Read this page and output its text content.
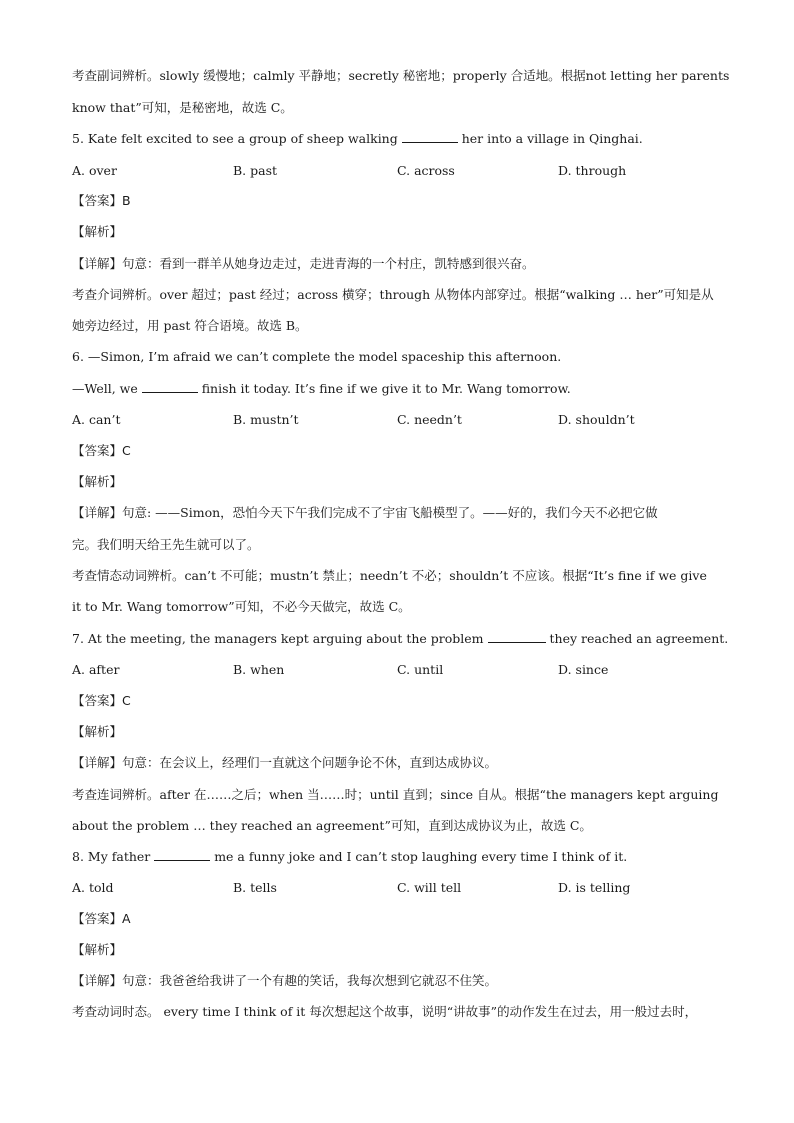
考查副词辨析。slowly 缓慢地；calmly 平静地；secretly 秘密地；properly 合适地。根据not letting her parents
know that”可知，是秘密地，故选 C。
5. Kate felt excited to see a group of sheep walking	her into a village in Qinghai.
A. over	B. past	C. across	D. through
【答案】B
【解析】
【详解】句意：看到一群羊从她身边走过，走进青海的一个村庄，凯特感到很兴奋。
考查介词辨析。over 超过；past 经过；across 横穿；through 从物体内部穿过。根据“walking … her”可知是从
她旁边经过，用 past 符合语境。故选 B。
6. —Simon, I’m afraid we can’t complete the model spaceship this afternoon.
—Well, we	finish it today. It’s fine if we give it to Mr. Wang tomorrow.
A. can’t	B. mustn’t	C. needn’t	D. shouldn’t
【答案】C
【解析】
【详解】句意: ——Simon，恐怕今天下午我们完成不了宇宙飞船模型了。——好的，我们今天不必把它做
完。我们明天给王先生就可以了。
考查情态动词辨析。can’t 不可能；mustn’t 禁止；needn’t 不必；shouldn’t 不应该。根据“It’s fine if we give
it to Mr. Wang tomorrow”可知，不必今天做完，故选 C。
7. At the meeting, the managers kept arguing about the problem	they reached an agreement.
A. after	B. when	C. until	D. since
【答案】C
【解析】
【详解】句意：在会议上，经理们一直就这个问题争论不休，直到达成协议。
考查连词辨析。after 在……之后；when 当……时；until 直到；since 自从。根据“the managers kept arguing
about the problem … they reached an agreement”可知，直到达成协议为止，故选 C。
8. My father	me a funny joke and I can’t stop laughing every time I think of it.
A. told	B. tells	C. will tell	D. is telling
【答案】A
【解析】
【详解】句意：我爸爸给我讲了一个有趣的笑话，我每次想到它就忍不住笑。
考查动词时态。 every time I think of it 每次想起这个故事，说明“讲故事”的动作发生在过去，用一般过去时，
